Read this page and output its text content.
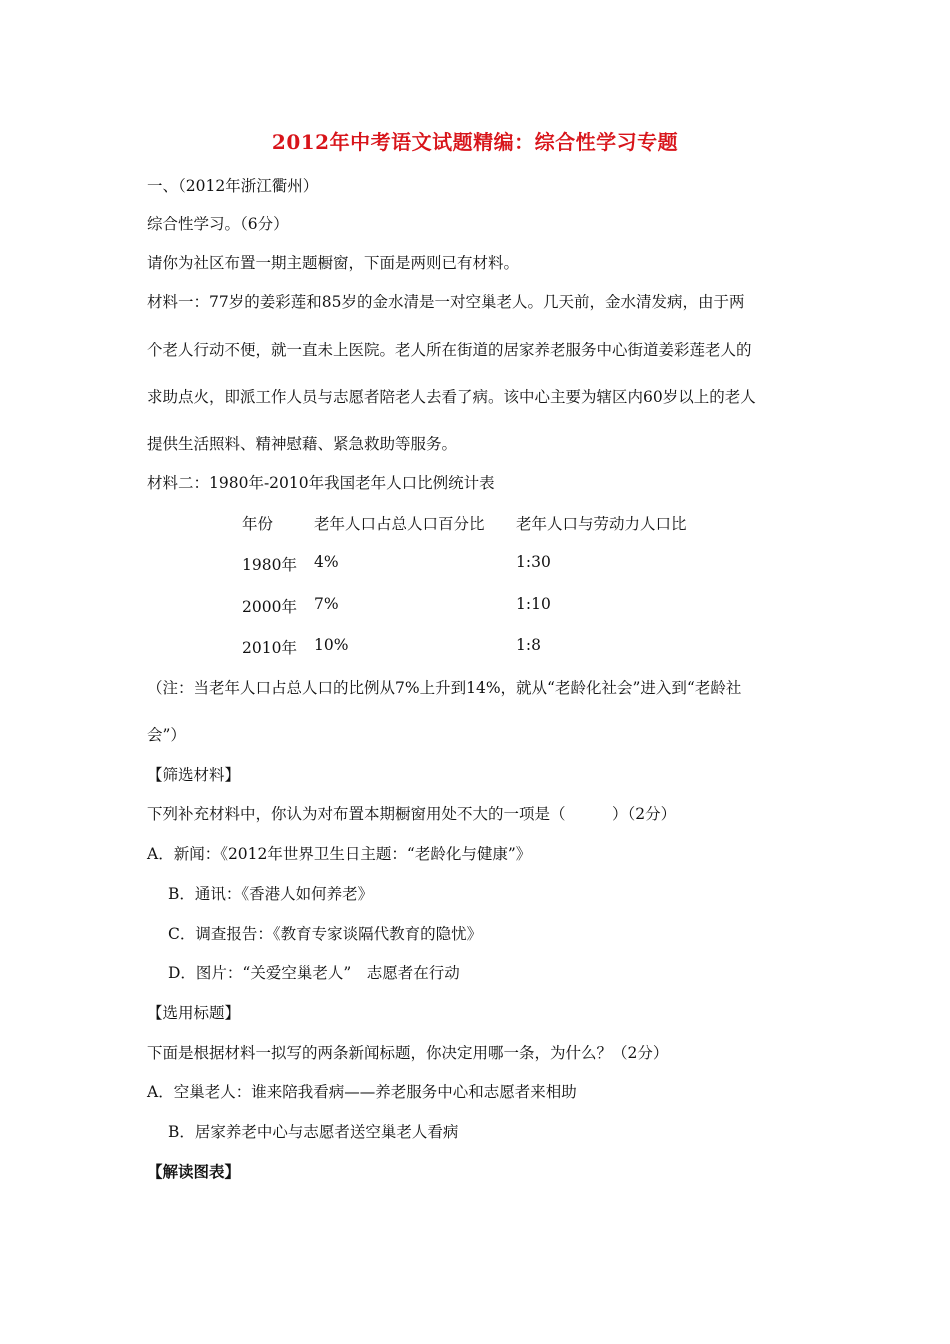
2012年中考语文试题精编：综合性学习专题
一、（2012年浙江衢州）
综合性学习。（6分）
请你为社区布置一期主题橱窗，下面是两则已有材料。
材料一：77岁的姜彩莲和85岁的金水清是一对空巢老人。几天前，金水清发病，由于两
个老人行动不便，就一直未上医院。老人所在街道的居家养老服务中心街道姜彩莲老人的
求助点火，即派工作人员与志愿者陪老人去看了病。该中心主要为辖区内60岁以上的老人
提供生活照料、精神慰藉、紧急救助等服务。
材料二：1980年-2010年我国老年人口比例统计表
年份	老年人口占总人口百分比 老年人口与劳动力人口比
1980年 4%	1:30
2000年 7%	1:10
2010年 10%	1:8
（注：当老年人口占总人口的比例从7%上升到14%，就从“老龄化社会”进入到“老龄社
会”）
【筛选材料】
下列补充材料中，你认为对布置本期橱窗用处不大的一项是（　　　）（2分）
A．新闻：《2012年世界卫生日主题：“老龄化与健康”》
B．通讯：《香港人如何养老》
C．调查报告：《教育专家谈隔代教育的隐忧》
D．图片：“关爱空巢老人”　志愿者在行动
【选用标题】
下面是根据材料一拟写的两条新闻标题，你决定用哪一条，为什么？（2分）
A．空巢老人：谁来陪我看病——养老服务中心和志愿者来相助
B．居家养老中心与志愿者送空巢老人看病
【解读图表】
